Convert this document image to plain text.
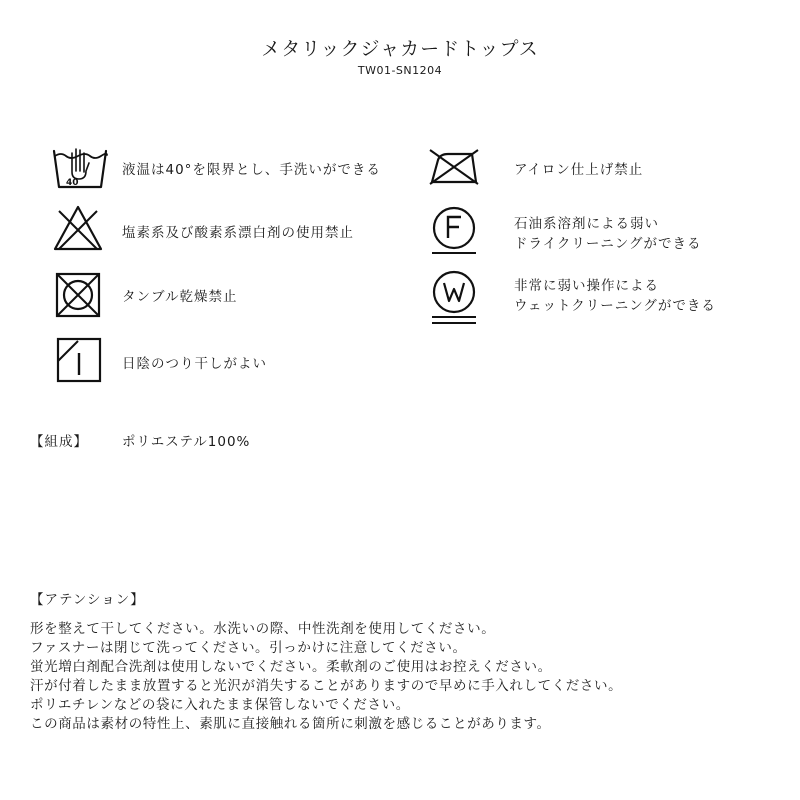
メタリックジャカードトップス
TW01-SN1204
40
液温は40°を限界とし、手洗いができる
塩素系及び酸素系漂白剤の使用禁止
タンブル乾燥禁止
日陰のつり干しがよい
アイロン仕上げ禁止
石油系溶剤による弱い
ドライクリーニングができる
非常に弱い操作による
ウェットクリーニングができる
【組成】	ポリエステル100%
【アテンション】
形を整えて干してください。水洗いの際、中性洗剤を使用してください。
ファスナーは閉じて洗ってください。引っかけに注意してください。
蛍光増白剤配合洗剤は使用しないでください。柔軟剤のご使用はお控えください。
汗が付着したまま放置すると光沢が消失することがありますので早めに手入れしてください。
ポリエチレンなどの袋に入れたまま保管しないでください。
この商品は素材の特性上、素肌に直接触れる箇所に刺激を感じることがあります。
